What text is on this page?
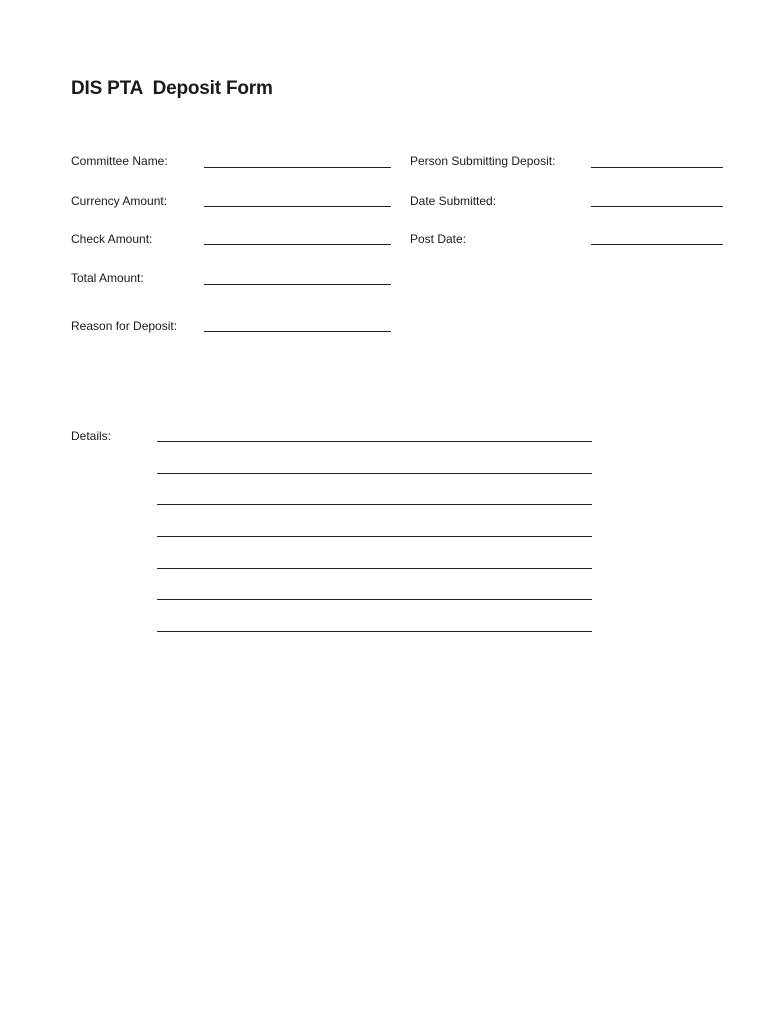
DIS PTA  Deposit Form
Committee Name:
Currency Amount:
Check Amount:
Total Amount:
Reason for Deposit:
Person Submitting Deposit:
Date Submitted:
Post Date:
Details:
